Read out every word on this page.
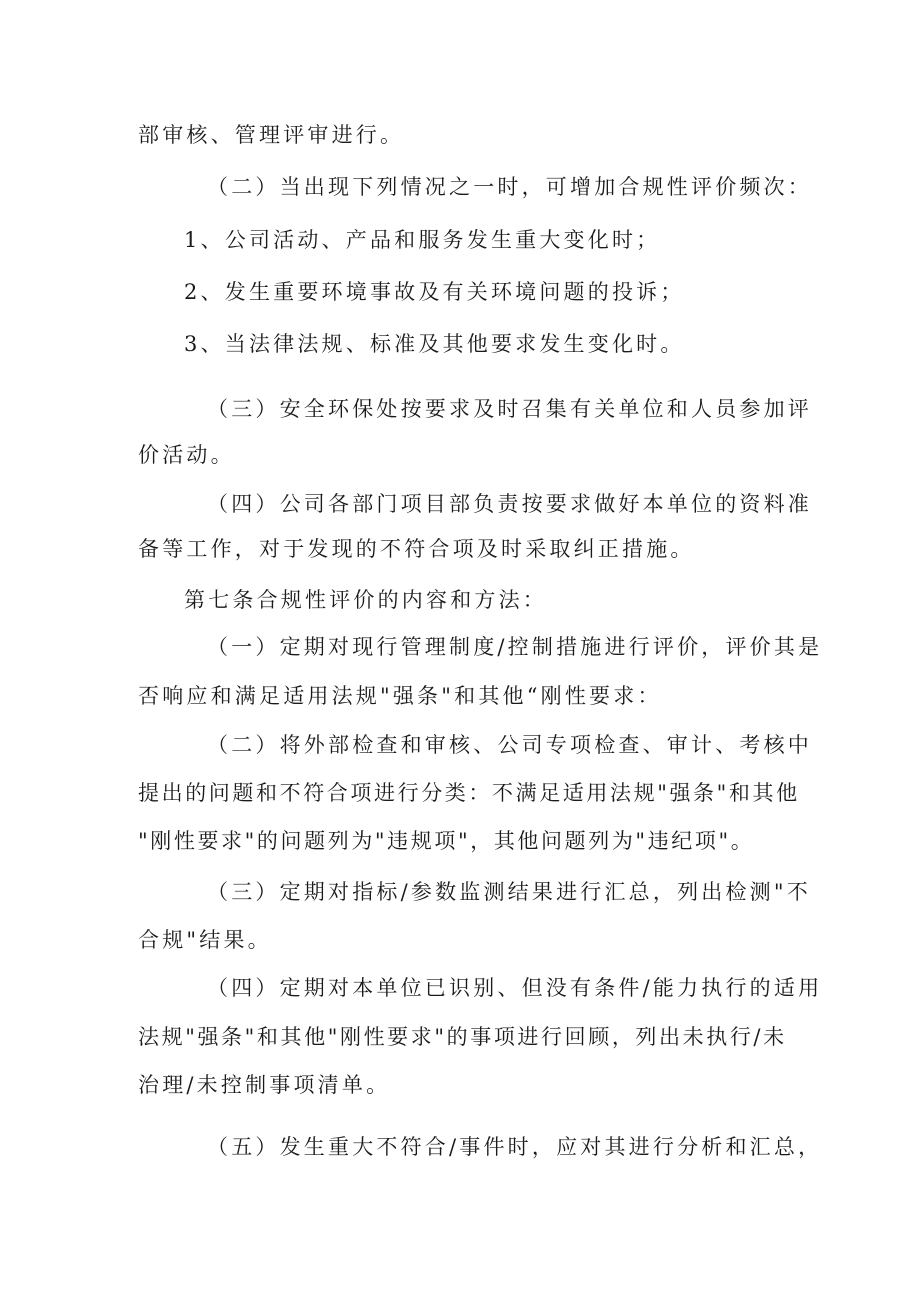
部审核、管理评审进行。
（二）当出现下列情况之一时，可增加合规性评价频次：
1、公司活动、产品和服务发生重大变化时；
2、发生重要环境事故及有关环境问题的投诉；
3、当法律法规、标准及其他要求发生变化时。
（三）安全环保处按要求及时召集有关单位和人员参加评
价活动。
（四）公司各部门项目部负责按要求做好本单位的资料准
备等工作，对于发现的不符合项及时采取纠正措施。
第七条合规性评价的内容和方法：
（一）定期对现行管理制度/控制措施进行评价，评价其是
否响应和满足适用法规"强条"和其他“刚性要求：
（二）将外部检查和审核、公司专项检查、审计、考核中
提出的问题和不符合项进行分类：不满足适用法规"强条"和其他
"刚性要求"的问题列为"违规项"，其他问题列为"违纪项"。
（三）定期对指标/参数监测结果进行汇总，列出检测"不
合规"结果。
（四）定期对本单位已识别、但没有条件/能力执行的适用
法规"强条"和其他"刚性要求"的事项进行回顾，列出未执行/未
治理/未控制事项清单。
（五）发生重大不符合/事件时，应对其进行分析和汇总，
